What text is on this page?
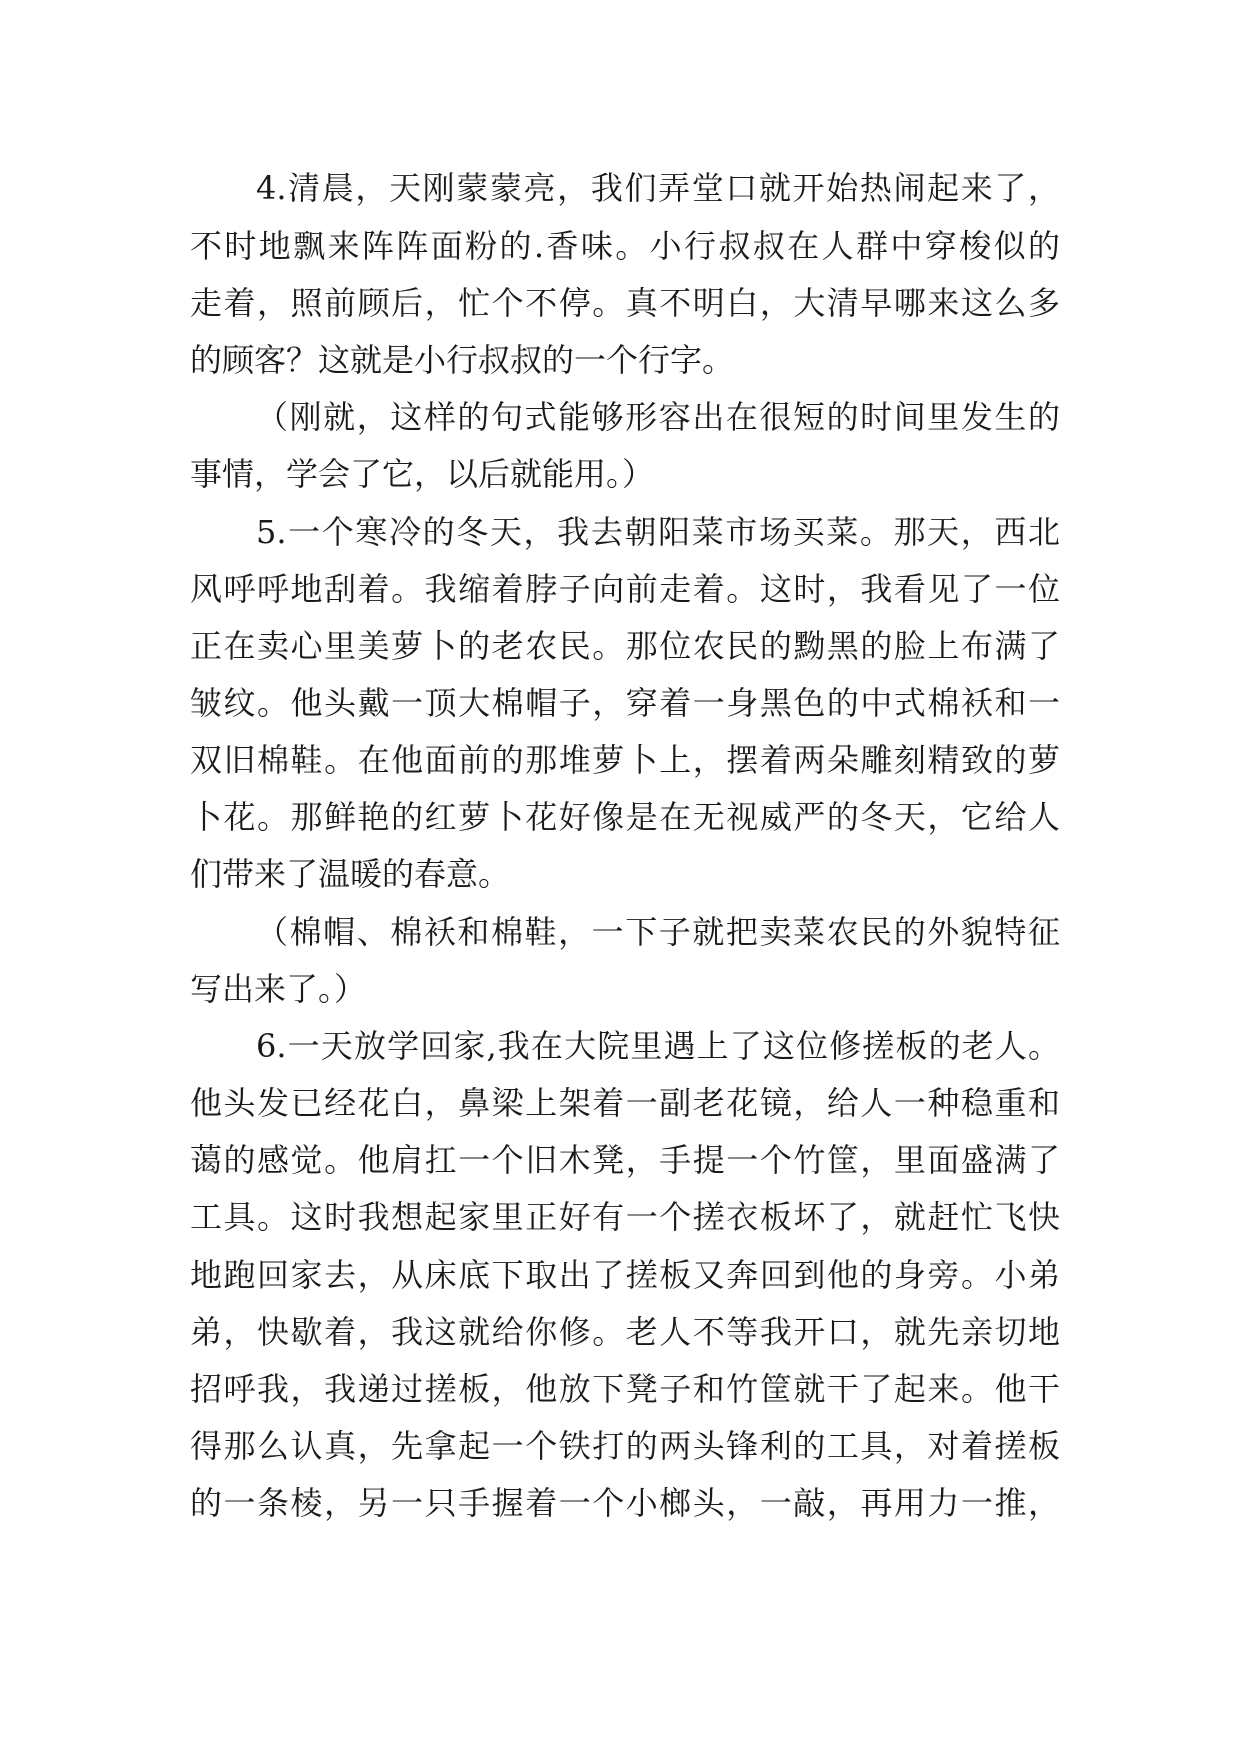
4.清晨，天刚蒙蒙亮，我们弄堂口就开始热闹起来了，
不时地飘来阵阵面粉的.香味。小行叔叔在人群中穿梭似的
走着，照前顾后，忙个不停。真不明白，大清早哪来这么多
的顾客？这就是小行叔叔的一个行字。
（刚就，这样的句式能够形容出在很短的时间里发生的
事情，学会了它，以后就能用。）
5.一个寒冷的冬天，我去朝阳菜市场买菜。那天，西北
风呼呼地刮着。我缩着脖子向前走着。这时，我看见了一位
正在卖心里美萝卜的老农民。那位农民的黝黑的脸上布满了
皱纹。他头戴一顶大棉帽子，穿着一身黑色的中式棉袄和一
双旧棉鞋。在他面前的那堆萝卜上，摆着两朵雕刻精致的萝
卜花。那鲜艳的红萝卜花好像是在无视威严的冬天，它给人
们带来了温暖的春意。
（棉帽、棉袄和棉鞋，一下子就把卖菜农民的外貌特征
写出来了。）
6.一天放学回家,我在大院里遇上了这位修搓板的老人。
他头发已经花白，鼻梁上架着一副老花镜，给人一种稳重和
蔼的感觉。他肩扛一个旧木凳，手提一个竹筐，里面盛满了
工具。这时我想起家里正好有一个搓衣板坏了，就赶忙飞快
地跑回家去，从床底下取出了搓板又奔回到他的身旁。小弟
弟，快歇着，我这就给你修。老人不等我开口，就先亲切地
招呼我，我递过搓板，他放下凳子和竹筐就干了起来。他干
得那么认真，先拿起一个铁打的两头锋利的工具，对着搓板
的一条棱，另一只手握着一个小榔头，一敲，再用力一推，
